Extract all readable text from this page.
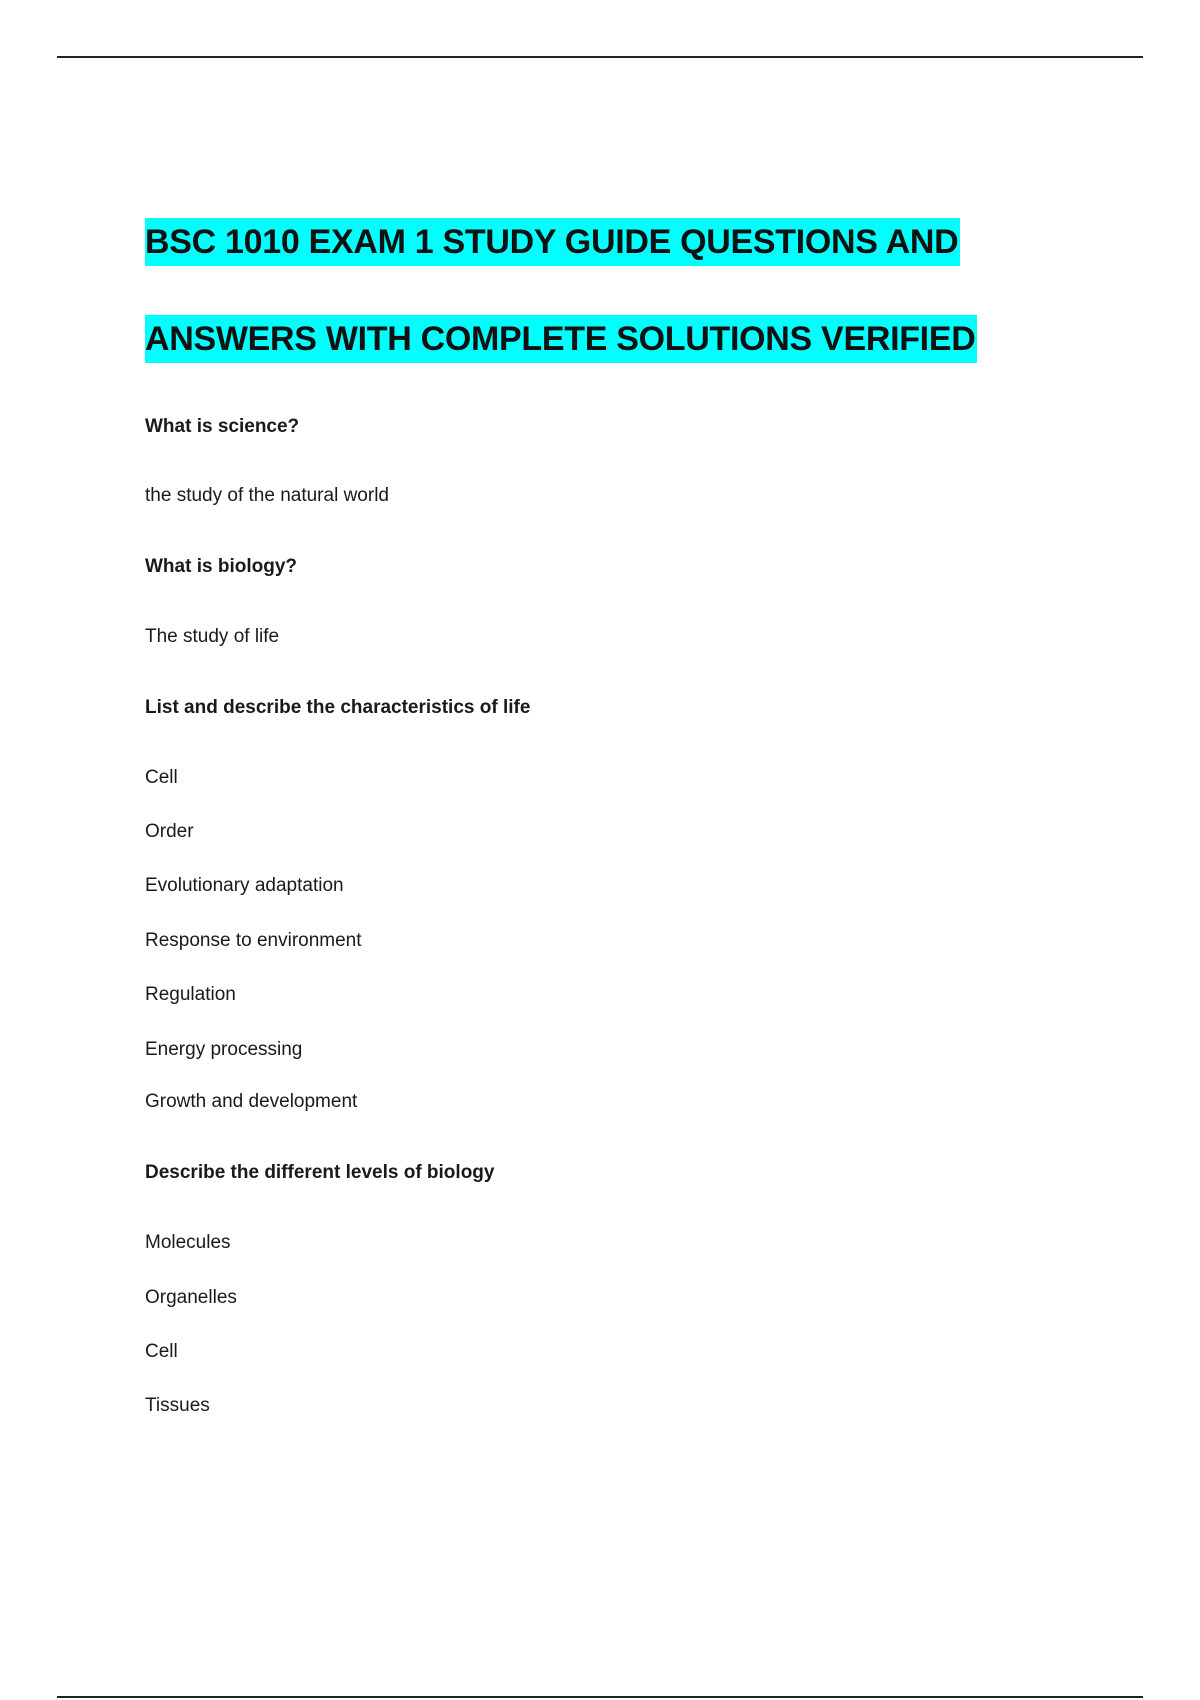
BSC 1010 EXAM 1 STUDY GUIDE QUESTIONS AND
ANSWERS WITH COMPLETE SOLUTIONS VERIFIED
What is science?
the study of the natural world
What is biology?
The study of life
List and describe the characteristics of life
Cell
Order
Evolutionary adaptation
Response to environment
Regulation
Energy processing
Growth and development
Describe the different levels of biology
Molecules
Organelles
Cell
Tissues
